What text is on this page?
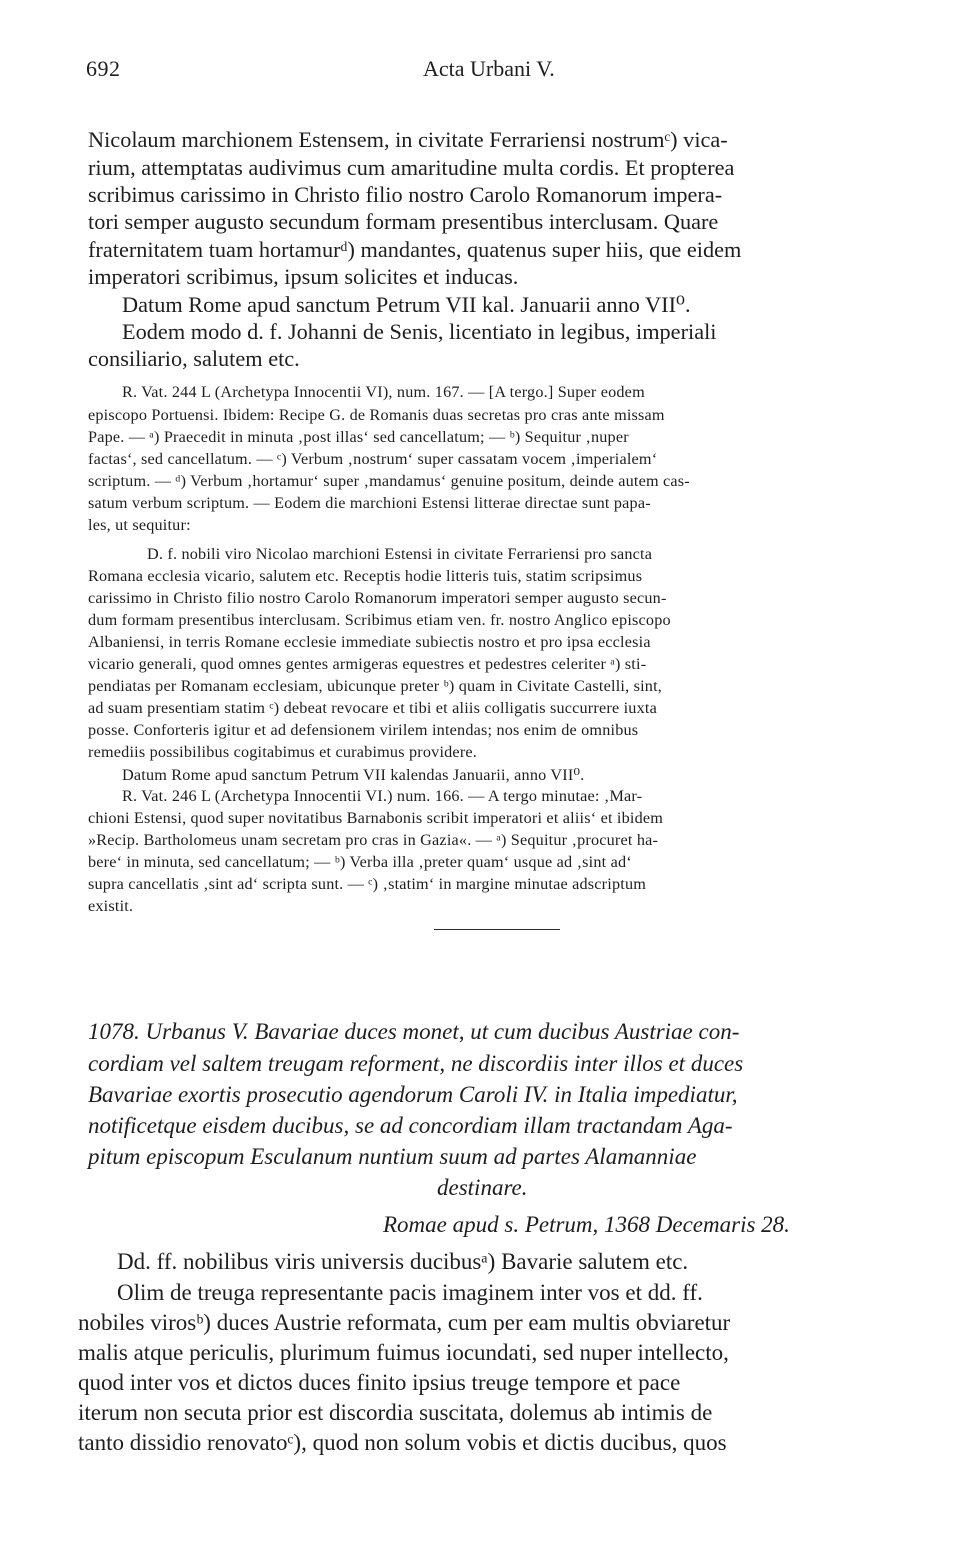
692	Acta Urbani V.
Nicolaum marchionem Estensem, in civitate Ferrariensi nostrumᶜ) vica-
rium, attemptatas audivimus cum amaritudine multa cordis. Et propterea
scribimus carissimo in Christo filio nostro Carolo Romanorum impera-
tori semper augusto secundum formam presentibus interclusam. Quare
fraternitatem tuam hortamurᵈ) mandantes, quatenus super hiis, que eidem
imperatori scribimus, ipsum solicites et inducas.
Datum Rome apud sanctum Petrum VII kal. Januarii anno VII⁰.
Eodem modo d. f. Johanni de Senis, licentiato in legibus, imperiali
consiliario, salutem etc.
R. Vat. 244 L (Archetypa Innocentii VI), num. 167. — [A tergo.] Super eodem
episcopo Portuensi. Ibidem: Recipe G. de Romanis duas secretas pro cras ante missam
Pape. — ᵃ) Praecedit in minuta ‚post illas‘ sed cancellatum; — ᵇ) Sequitur ‚nuper
factas‘, sed cancellatum. — ᶜ) Verbum ‚nostrum‘ super cassatam vocem ‚imperialem‘
scriptum. — ᵈ) Verbum ‚hortamur‘ super ‚mandamus‘ genuine positum, deinde autem cas-
satum verbum scriptum. — Eodem die marchioni Estensi litterae directae sunt papa-
les, ut sequitur:
D. f. nobili viro Nicolao marchioni Estensi in civitate Ferrariensi pro sancta
Romana ecclesia vicario, salutem etc. Receptis hodie litteris tuis, statim scripsimus
carissimo in Christo filio nostro Carolo Romanorum imperatori semper augusto secun-
dum formam presentibus interclusam. Scribimus etiam ven. fr. nostro Anglico episcopo
Albaniensi, in terris Romane ecclesie immediate subiectis nostro et pro ipsa ecclesia
vicario generali, quod omnes gentes armigeras equestres et pedestres celeriter ᵃ) sti-
pendiatas per Romanam ecclesiam, ubicunque preter ᵇ) quam in Civitate Castelli, sint,
ad suam presentiam statim ᶜ) debeat revocare et tibi et aliis colligatis succurrere iuxta
posse. Conforteris igitur et ad defensionem virilem intendas; nos enim de omnibus
remediis possibilibus cogitabimus et curabimus providere.
Datum Rome apud sanctum Petrum VII kalendas Januarii, anno VII⁰.
R. Vat. 246 L (Archetypa Innocentii VI.) num. 166. — A tergo minutae: ‚Mar-
chioni Estensi, quod super novitatibus Barnabonis scribit imperatori et aliis‘ et ibidem
»Recip. Bartholomeus unam secretam pro cras in Gazia«. — ᵃ) Sequitur ‚procuret ha-
bere‘ in minuta, sed cancellatum; — ᵇ) Verba illa ‚preter quam‘ usque ad ‚sint ad‘
supra cancellatis ‚sint ad‘ scripta sunt. — ᶜ) ‚statim‘ in margine minutae adscriptum
existit.
1078. Urbanus V. Bavariae duces monet, ut cum ducibus Austriae con-
cordiam vel saltem treugam reforment, ne discordiis inter illos et duces
Bavariae exortis prosecutio agendorum Caroli IV. in Italia impediatur,
notificetque eisdem ducibus, se ad concordiam illam tractandam Aga-
pitum episcopum Esculanum nuntium suum ad partes Alamanniae
destinare.
Romae apud s. Petrum, 1368 Decemaris 28.
Dd. ff. nobilibus viris universis ducibusᵃ) Bavarie salutem etc.
Olim de treuga representante pacis imaginem inter vos et dd. ff.
nobiles virosᵇ) duces Austrie reformata, cum per eam multis obviaretur
malis atque periculis, plurimum fuimus iocundati, sed nuper intellecto,
quod inter vos et dictos duces finito ipsius treuge tempore et pace
iterum non secuta prior est discordia suscitata, dolemus ab intimis de
tanto dissidio renovatoᶜ), quod non solum vobis et dictis ducibus, quos
